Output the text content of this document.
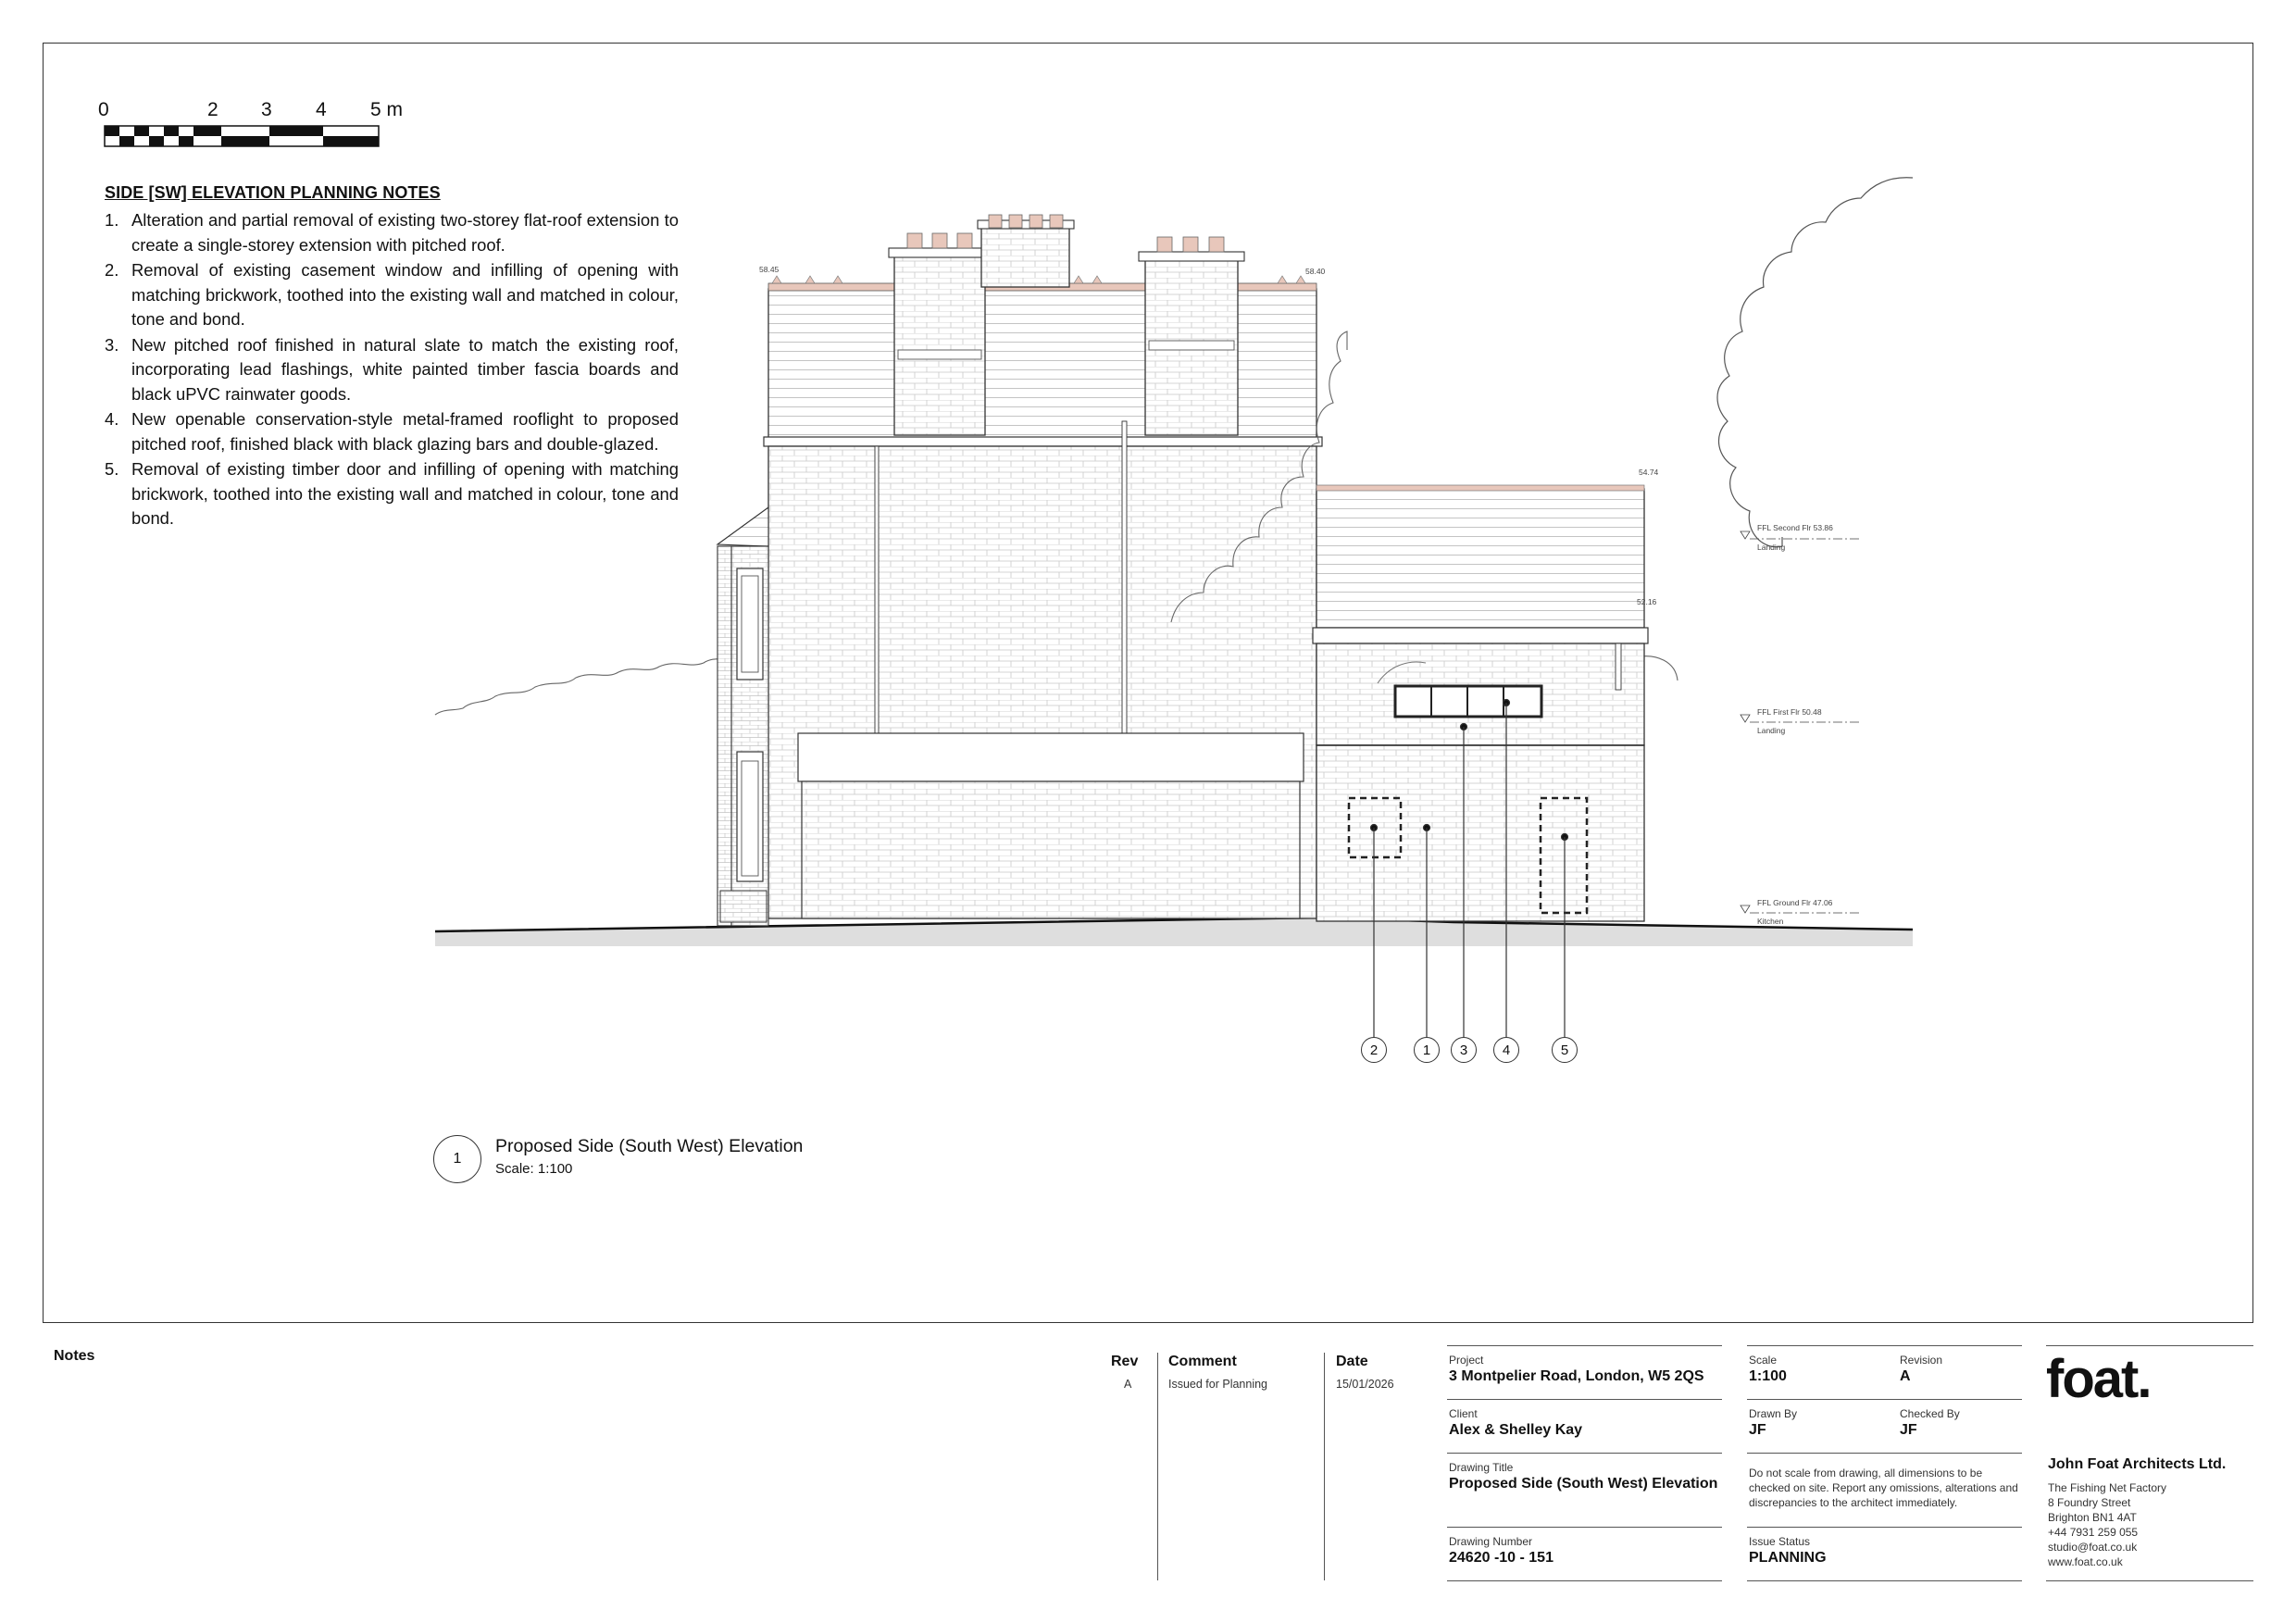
0	2 3 4 5 m

SIDE [SW] ELEVATION PLANNING NOTES

1. Alteration and partial removal of existing two-storey flat-roof extension to create a single-storey extension with pitched roof.
2. Removal of existing casement window and infilling of opening with matching brickwork, toothed into the existing wall and matched in colour, tone and bond.
3. New pitched roof finished in natural slate to match the existing roof, incorporating lead flashings, white painted timber fascia boards and black uPVC rainwater goods.
4. New openable conservation-style metal-framed rooflight to proposed pitched roof, finished black with black glazing bars and double-glazed.
5. Removal of existing timber door and infilling of opening with matching brickwork, toothed into the existing wall and matched in colour, tone and bond.
58.45	58.40
54.74
52.16
FFL Second Flr 53.86
Landing
FFL First Flr 50.48
Landing
FFL Ground Flr 47.06
Kitchen
2	1	3	4	5
1
Proposed Side (South West) Elevation
Scale: 1:100
Notes	Rev Comment	Date
A	Issued for Planning	15/01/2026
Project
3 Montpelier Road, London, W5 2QS
Client
Alex & Shelley Kay
Drawing Title
Proposed Side (South West) Elevation
Drawing Number
24620 -10 - 151
Scale
1:100
Revision
A
Drawn By
JF
Checked By
JF
Do not scale from drawing, all dimensions to be checked on site. Report any omissions, alterations and discrepancies to the architect immediately.
Issue Status
PLANNING
foat.
John Foat Architects Ltd.
The Fishing Net Factory
8 Foundry Street
Brighton BN1 4AT
+44 7931 259 055
studio@foat.co.uk
www.foat.co.uk
